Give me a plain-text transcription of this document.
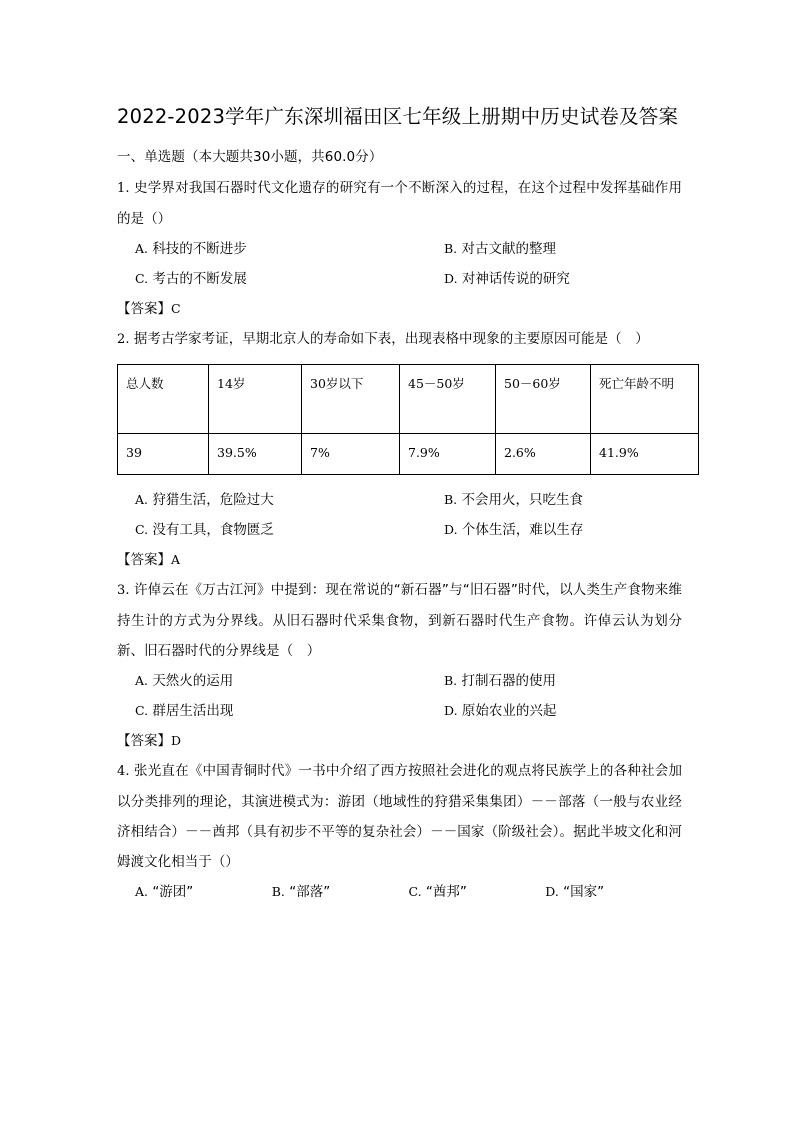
2022-2023学年广东深圳福田区七年级上册期中历史试卷及答案
一、单选题（本大题共30小题，共60.0分）

1. 史学界对我国石器时代文化遗存的研究有一个不断深入的过程，在这个过程中发挥基础作用的是（）

A. 科技的不断进步	B. 对古文献的整理
C. 考古的不断发展	D. 对神话传说的研究

【答案】C

2. 据考古学家考证，早期北京人的寿命如下表，出现表格中现象的主要原因可能是（　）

总人数	14岁	30岁以下	45－50岁	50－60岁	死亡年龄不明
39	39.5%	7%	7.9%	2.6%	41.9%
A. 狩猎生活，危险过大	B. 不会用火，只吃生食
C. 没有工具，食物匮乏	D. 个体生活，难以生存

【答案】A

3. 许倬云在《万古江河》中提到：现在常说的“新石器”与“旧石器”时代，以人类生产食物来维持生计的方式为分界线。从旧石器时代采集食物，到新石器时代生产食物。许倬云认为划分新、旧石器时代的分界线是（　）

A. 天然火的运用	B. 打制石器的使用
C. 群居生活出现	D. 原始农业的兴起

【答案】D

4. 张光直在《中国青铜时代》一书中介绍了西方按照社会进化的观点将民族学上的各种社会加以分类排列的理论，其演进模式为：游团（地域性的狩猎采集集团）－－部落（一般与农业经济相结合）－－酋邦（具有初步不平等的复杂社会）－－国家（阶级社会）。据此半坡文化和河姆渡文化相当于（）

A. “游团”	B. “部落”	C. “酋邦”	D. “国家”
